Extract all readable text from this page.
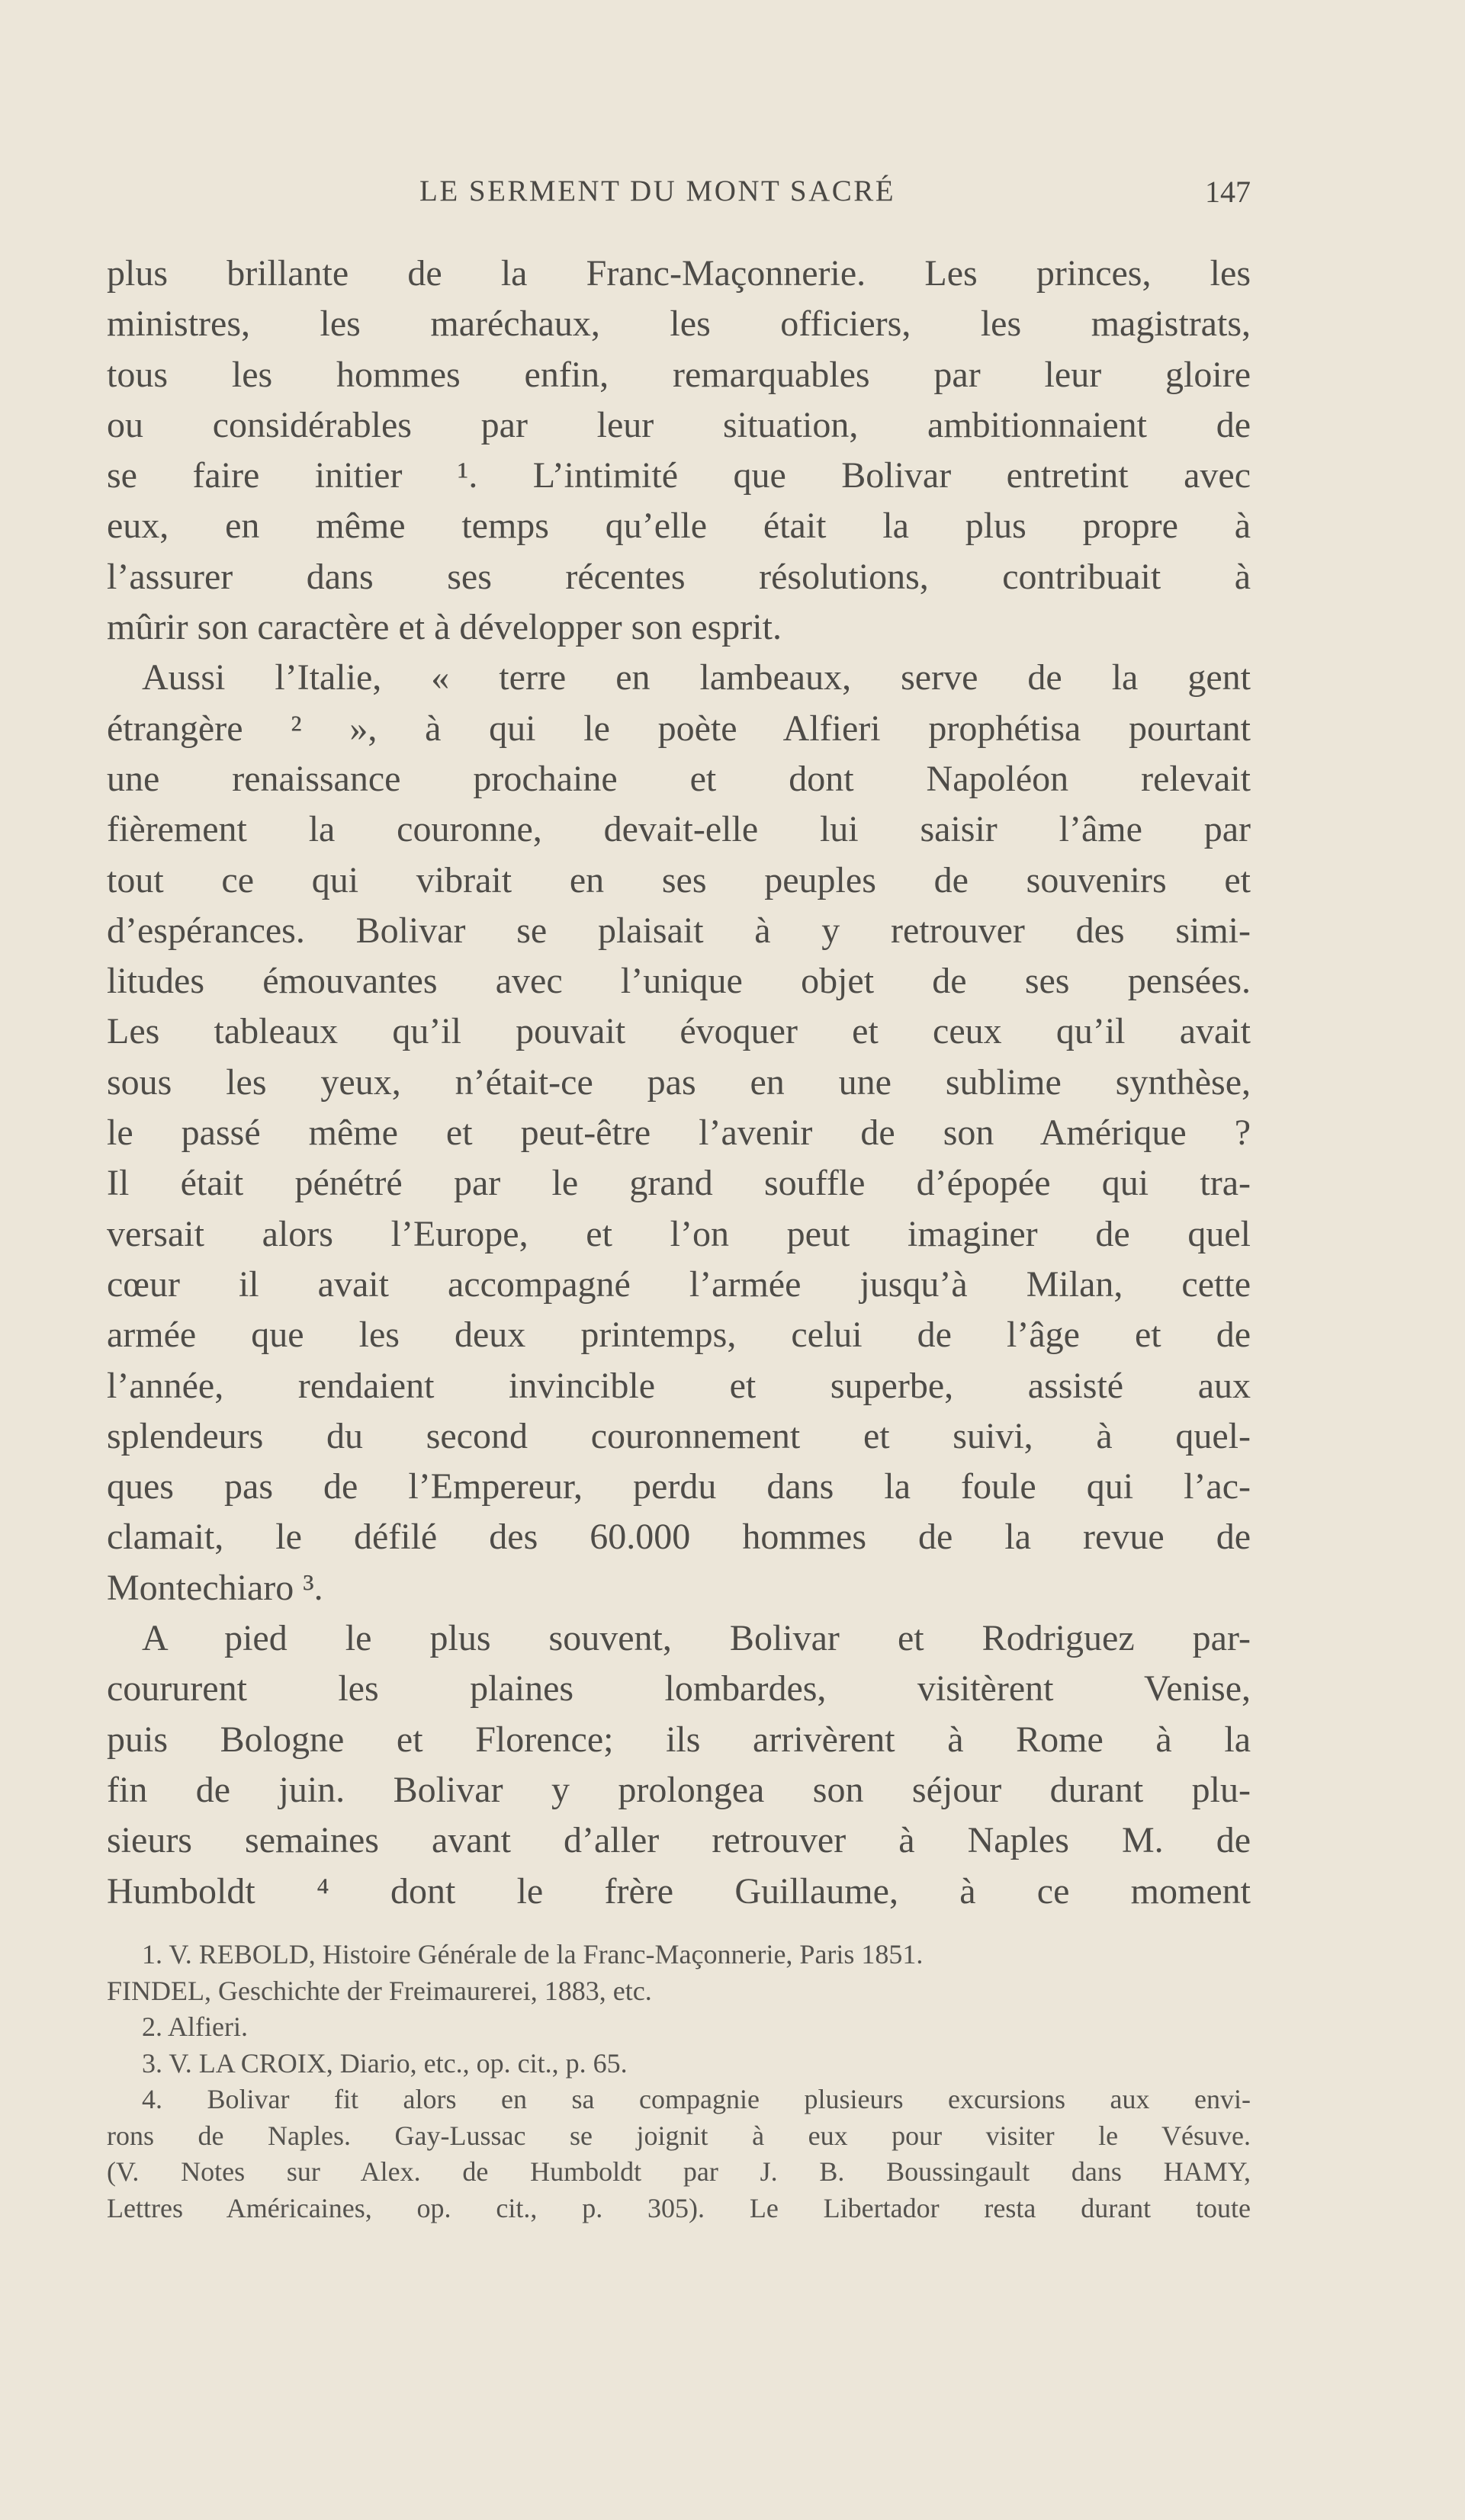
LE SERMENT DU MONT SACRÉ	147
plus brillante de la Franc-Maçonnerie. Les princes, les
ministres, les maréchaux, les officiers, les magistrats,
tous les hommes enfin, remarquables par leur gloire
ou considérables par leur situation, ambitionnaient de
se faire initier ¹. L’intimité que Bolivar entretint avec
eux, en même temps qu’elle était la plus propre à
l’assurer dans ses récentes résolutions, contribuait à
mûrir son caractère et à développer son esprit.
Aussi l’Italie, « terre en lambeaux, serve de la gent
étrangère ² », à qui le poète Alfieri prophétisa pourtant
une renaissance prochaine et dont Napoléon relevait
fièrement la couronne, devait-elle lui saisir l’âme par
tout ce qui vibrait en ses peuples de souvenirs et
d’espérances. Bolivar se plaisait à y retrouver des simi-
litudes émouvantes avec l’unique objet de ses pensées.
Les tableaux qu’il pouvait évoquer et ceux qu’il avait
sous les yeux, n’était-ce pas en une sublime synthèse,
le passé même et peut-être l’avenir de son Amérique ?
Il était pénétré par le grand souffle d’épopée qui tra-
versait alors l’Europe, et l’on peut imaginer de quel
cœur il avait accompagné l’armée jusqu’à Milan, cette
armée que les deux printemps, celui de l’âge et de
l’année, rendaient invincible et superbe, assisté aux
splendeurs du second couronnement et suivi, à quel-
ques pas de l’Empereur, perdu dans la foule qui l’ac-
clamait, le défilé des 60.000 hommes de la revue de
Montechiaro ³.
A pied le plus souvent, Bolivar et Rodriguez par-
coururent les plaines lombardes, visitèrent Venise,
puis Bologne et Florence; ils arrivèrent à Rome à la
fin de juin. Bolivar y prolongea son séjour durant plu-
sieurs semaines avant d’aller retrouver à Naples M. de
Humboldt ⁴ dont le frère Guillaume, à ce moment
1. V. REBOLD, Histoire Générale de la Franc-Maçonnerie, Paris 1851.
FINDEL, Geschichte der Freimaurerei, 1883, etc.
2. Alfieri.
3. V. LA CROIX, Diario, etc., op. cit., p. 65.
4. Bolivar fit alors en sa compagnie plusieurs excursions aux envi-
rons de Naples. Gay-Lussac se joignit à eux pour visiter le Vésuve.
(V. Notes sur Alex. de Humboldt par J. B. Boussingault dans HAMY,
Lettres Américaines, op. cit., p. 305). Le Libertador resta durant toute
